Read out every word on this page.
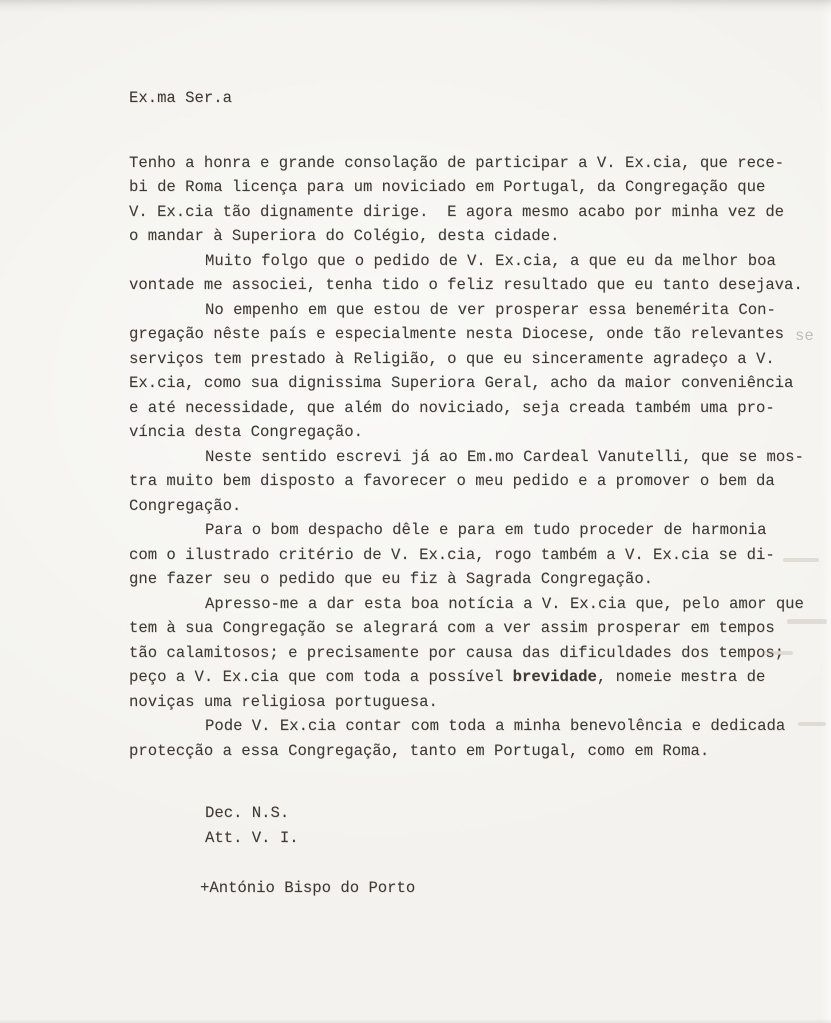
Ex.ma Ser.a
Tenho a honra e grande consolação de participar a V. Ex.cia, que rece-
bi de Roma licença para um noviciado em Portugal, da Congregação que
V. Ex.cia tão dignamente dirige.  E agora mesmo acabo por minha vez de
o mandar à Superiora do Colégio, desta cidade.
Muito folgo que o pedido de V. Ex.cia, a que eu da melhor boa
vontade me associei, tenha tido o feliz resultado que eu tanto desejava.
No empenho em que estou de ver prosperar essa benemérita Con-
gregação nêste país e especialmente nesta Diocese, onde tão relevantes
serviços tem prestado à Religião, o que eu sinceramente agradeço a V.
Ex.cia, como sua dignissima Superiora Geral, acho da maior conveniência
e até necessidade, que além do noviciado, seja creada também uma pro-
víncia desta Congregação.
Neste sentido escrevi já ao Em.mo Cardeal Vanutelli, que se mos-
tra muito bem disposto a favorecer o meu pedido e a promover o bem da
Congregação.
Para o bom despacho dêle e para em tudo proceder de harmonia
com o ilustrado critério de V. Ex.cia, rogo também a V. Ex.cia se di-
gne fazer seu o pedido que eu fiz à Sagrada Congregação.
Apresso-me a dar esta boa notícia a V. Ex.cia que, pelo amor que
tem à sua Congregação se alegrará com a ver assim prosperar em tempos
tão calamitosos; e precisamente por causa das dificuldades dos tempos;
peço a V. Ex.cia que com toda a possível brevidade, nomeie mestra de
noviças uma religiosa portuguesa.
Pode V. Ex.cia contar com toda a minha benevolência e dedicada
protecção a essa Congregação, tanto em Portugal, como em Roma.
Dec. N.S.
Att. V. I.
+António Bispo do Porto
se
